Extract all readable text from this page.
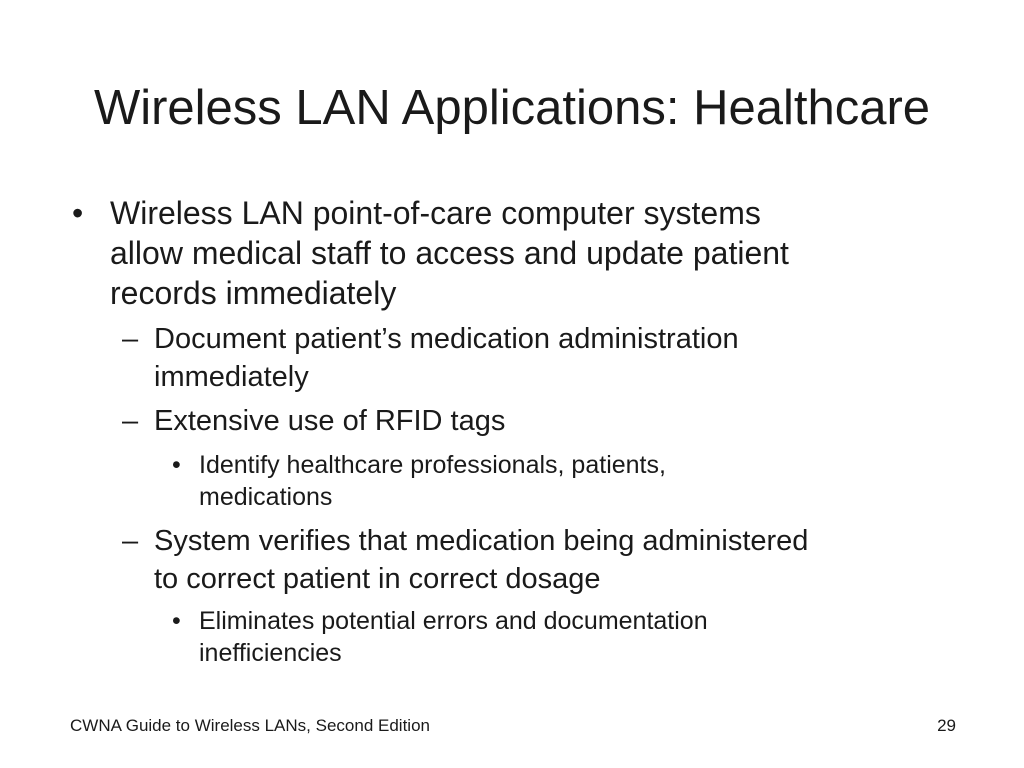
Wireless LAN Applications: Healthcare
• Wireless LAN point-of-care computer systems
allow medical staff to access and update patient
records immediately
– Document patient’s medication administration
immediately
– Extensive use of RFID tags
• Identify healthcare professionals, patients,
medications
– System verifies that medication being administered
to correct patient in correct dosage
• Eliminates potential errors and documentation
inefficiencies
CWNA Guide to Wireless LANs, Second Edition	29
